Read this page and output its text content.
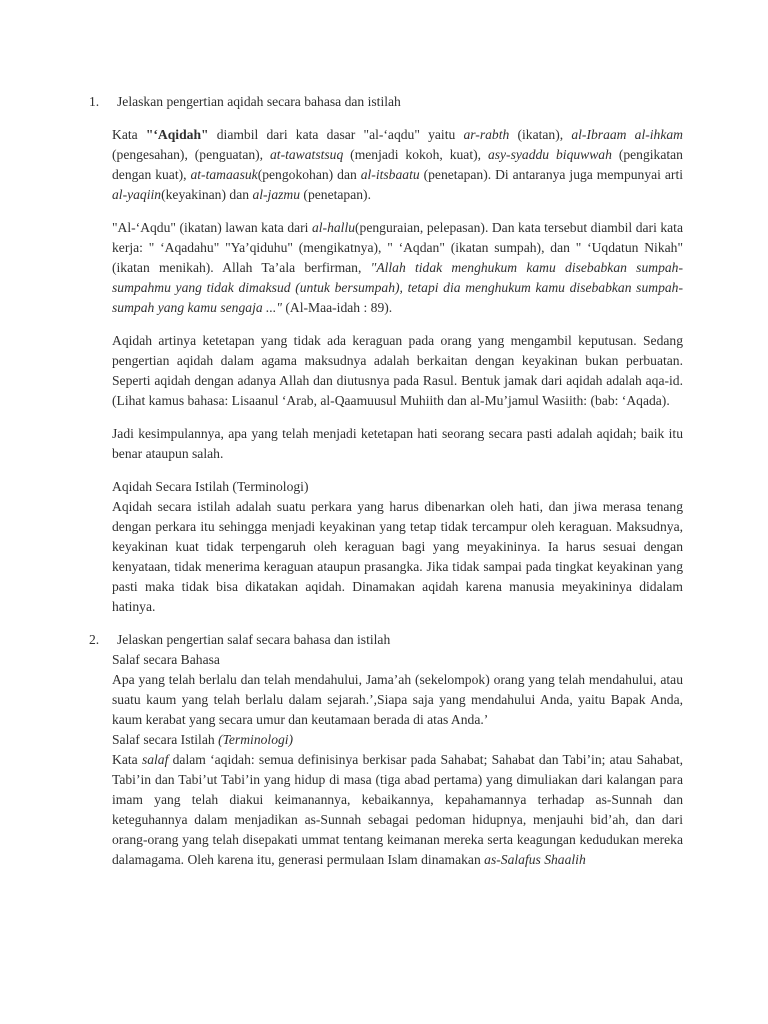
1.	Jelaskan pengertian aqidah secara bahasa dan istilah

Kata "‘Aqidah" diambil dari kata dasar "al-‘aqdu" yaitu ar-rabth (ikatan), al-Ibraam al-ihkam (pengesahan), (penguatan), at-tawatstsuq (menjadi kokoh, kuat), asy-syaddu biquwwah (pengikatan dengan kuat), at-tamaasuk(pengokohan) dan al-itsbaatu (penetapan). Di antaranya juga mempunyai arti al-yaqiin(keyakinan) dan al-jazmu (penetapan).

"Al-‘Aqdu" (ikatan) lawan kata dari al-hallu(penguraian, pelepasan). Dan kata tersebut diambil dari kata kerja: " ‘Aqadahu" "Ya’qiduhu" (mengikatnya), " ‘Aqdan" (ikatan sumpah), dan " ‘Uqdatun Nikah" (ikatan menikah). Allah Ta’ala berfirman, "Allah tidak menghukum kamu disebabkan sumpah-sumpahmu yang tidak dimaksud (untuk bersumpah), tetapi dia menghukum kamu disebabkan sumpah-sumpah yang kamu sengaja ..." (Al-Maa-idah : 89).

Aqidah artinya ketetapan yang tidak ada keraguan pada orang yang mengambil keputusan. Sedang pengertian aqidah dalam agama maksudnya adalah berkaitan dengan keyakinan bukan perbuatan. Seperti aqidah dengan adanya Allah dan diutusnya pada Rasul. Bentuk jamak dari aqidah adalah aqa-id. (Lihat kamus bahasa: Lisaanul ‘Arab, al-Qaamuusul Muhiith dan al-Mu’jamul Wasiith: (bab: ‘Aqada).

Jadi kesimpulannya, apa yang telah menjadi ketetapan hati seorang secara pasti adalah aqidah; baik itu benar ataupun salah.

Aqidah Secara Istilah (Terminologi)

Aqidah secara istilah adalah suatu perkara yang harus dibenarkan oleh hati, dan jiwa merasa tenang dengan perkara itu sehingga menjadi keyakinan yang tetap tidak tercampur oleh keraguan. Maksudnya, keyakinan kuat tidak terpengaruh oleh keraguan bagi yang meyakininya. Ia harus sesuai dengan kenyataan, tidak menerima keraguan ataupun prasangka. Jika tidak sampai pada tingkat keyakinan yang pasti maka tidak bisa dikatakan aqidah. Dinamakan aqidah karena manusia meyakininya didalam hatinya.

2.	Jelaskan pengertian salaf secara bahasa dan istilah

Salaf secara Bahasa

Apa yang telah berlalu dan telah mendahului, Jama’ah (sekelompok) orang yang telah mendahului, atau suatu kaum yang telah berlalu dalam sejarah.’,Siapa saja yang mendahului Anda, yaitu Bapak Anda, kaum kerabat yang secara umur dan keutamaan berada di atas Anda.’

Salaf secara Istilah (Terminologi)

Kata salaf dalam ‘aqidah: semua definisinya berkisar pada Sahabat; Sahabat dan Tabi’in; atau Sahabat, Tabi’in dan Tabi’ut Tabi’in yang hidup di masa (tiga abad pertama) yang dimuliakan dari kalangan para imam yang telah diakui keimanannya, kebaikannya, kepahamannya terhadap as-Sunnah dan keteguhannya dalam menjadikan as-Sunnah sebagai pedoman hidupnya, menjauhi bid’ah, dan dari orang-orang yang telah disepakati ummat tentang keimanan mereka serta keagungan kedudukan mereka dalamagama. Oleh karena itu, generasi permulaan Islam dinamakan as-Salafus Shaalih
